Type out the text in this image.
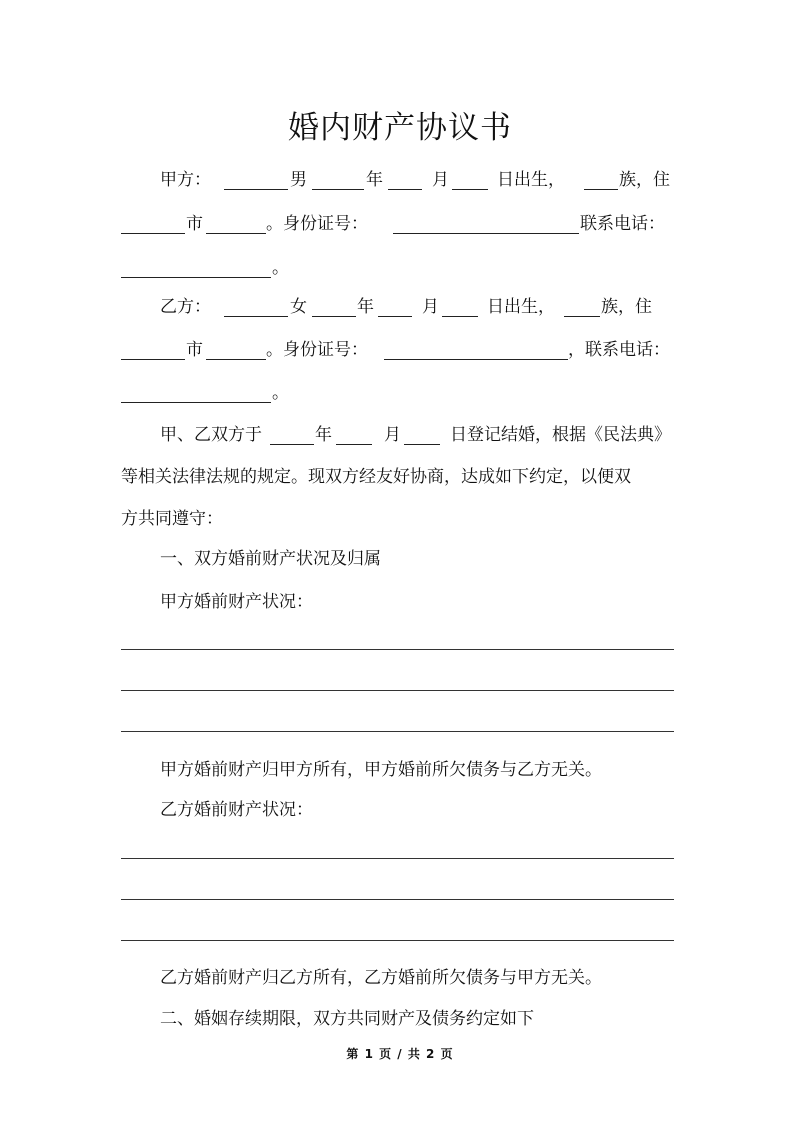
婚内财产协议书
甲方：	男	年	月	日出生，	族，住
市	。身份证号：	联系电话：
。
乙方：	女	年	月	日出生，	族，住
市	。身份证号：	，联系电话：
。
甲、乙双方于	年	月	日登记结婚，根据《民法典》
等相关法律法规的规定。现双方经友好协商，达成如下约定，以便双
方共同遵守：
一、双方婚前财产状况及归属
甲方婚前财产状况：
甲方婚前财产归甲方所有，甲方婚前所欠债务与乙方无关。
乙方婚前财产状况：
乙方婚前财产归乙方所有，乙方婚前所欠债务与甲方无关。
二、婚姻存续期限，双方共同财产及债务约定如下
第 1 页 / 共 2 页
